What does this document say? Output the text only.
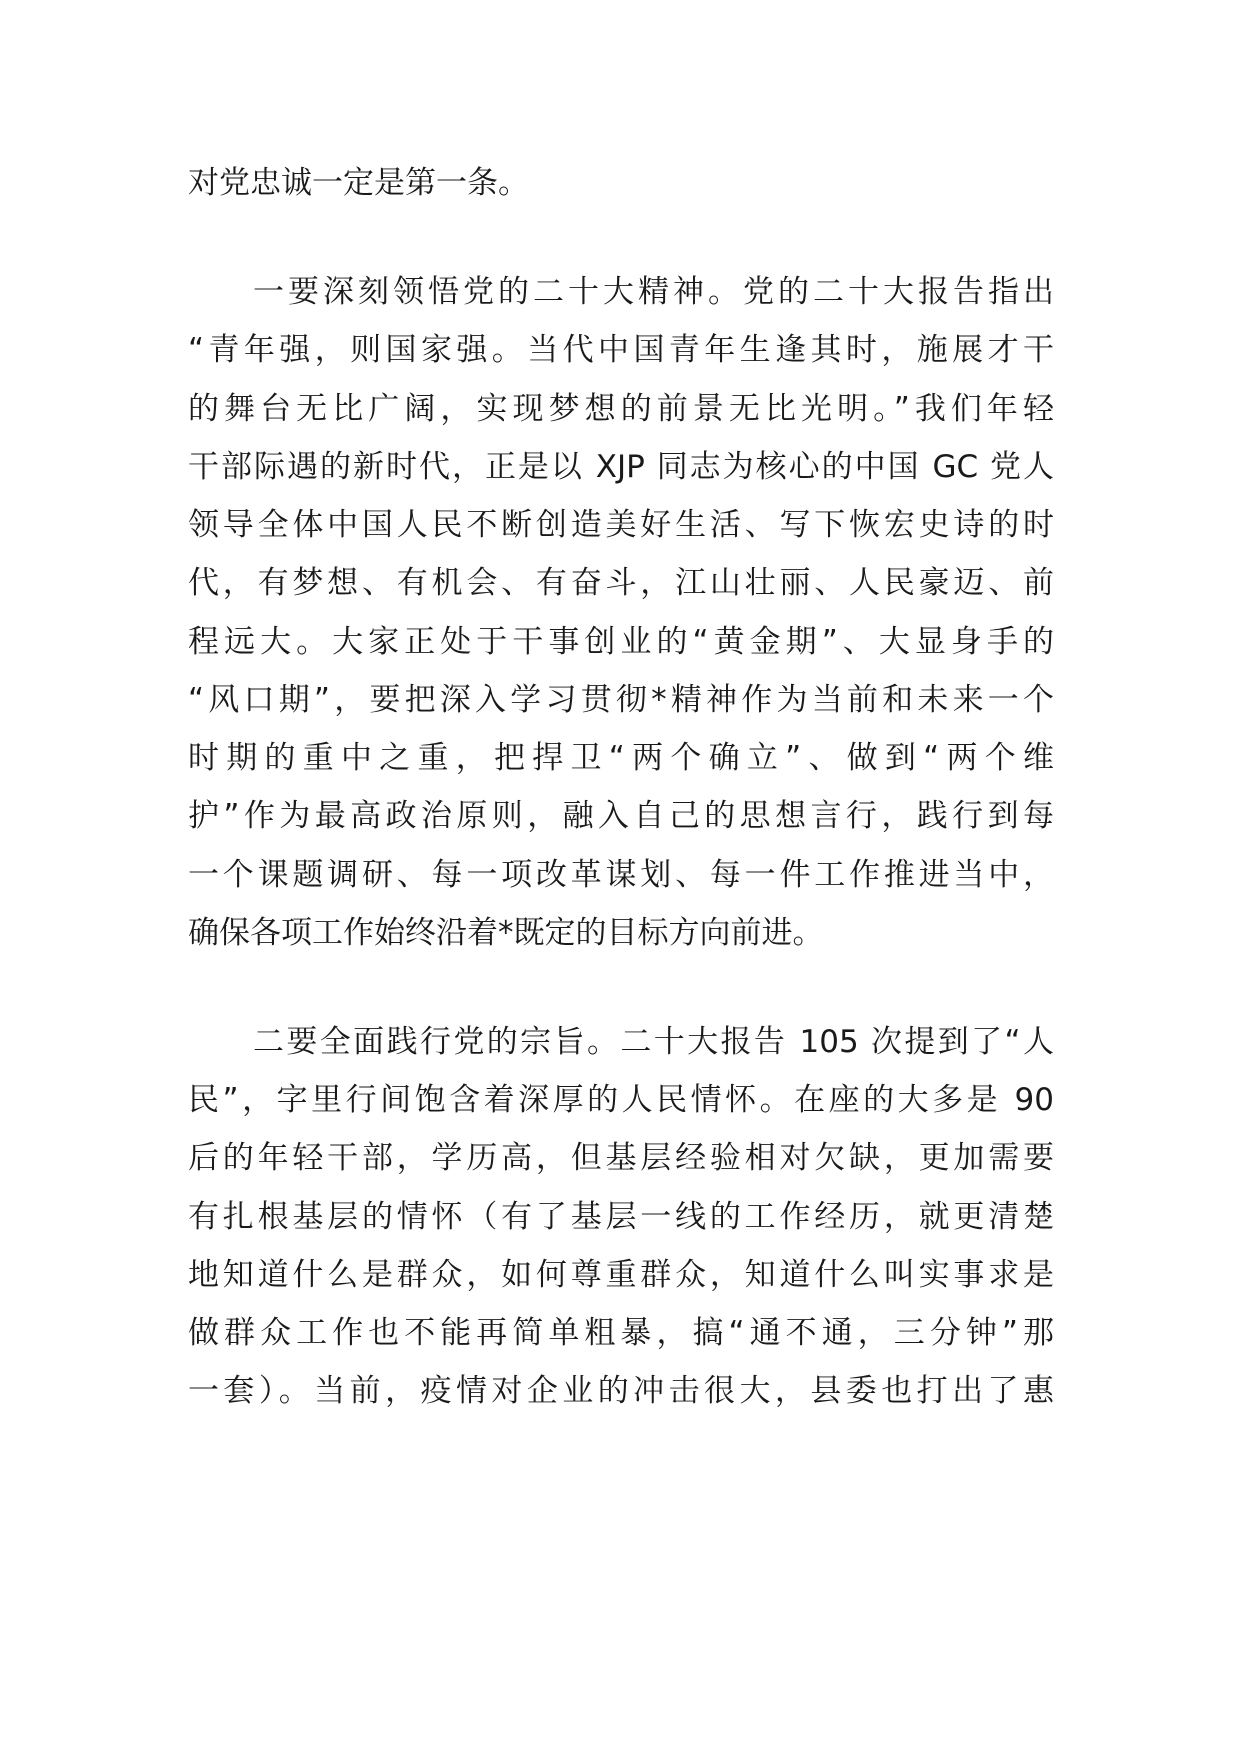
对党忠诚一定是第一条。
一要深刻领悟党的二十大精神。党的二十大报告指出
“青年强，则国家强。当代中国青年生逢其时，施展才干
的舞台无比广阔，实现梦想的前景无比光明。”我们年轻
干部际遇的新时代，正是以 XJP 同志为核心的中国 GC 党人
领导全体中国人民不断创造美好生活、写下恢宏史诗的时
代，有梦想、有机会、有奋斗，江山壮丽、人民豪迈、前
程远大。大家正处于干事创业的“黄金期”、大显身手的
“风口期”，要把深入学习贯彻*精神作为当前和未来一个
时期的重中之重，把捍卫“两个确立”、做到“两个维
护”作为最高政治原则，融入自己的思想言行，践行到每
一个课题调研、每一项改革谋划、每一件工作推进当中，
确保各项工作始终沿着*既定的目标方向前进。
二要全面践行党的宗旨。二十大报告 105 次提到了“人
民”，字里行间饱含着深厚的人民情怀。在座的大多是 90
后的年轻干部，学历高，但基层经验相对欠缺，更加需要
有扎根基层的情怀（有了基层一线的工作经历，就更清楚
地知道什么是群众，如何尊重群众，知道什么叫实事求是
做群众工作也不能再简单粗暴，搞“通不通，三分钟”那
一套）。当前，疫情对企业的冲击很大，县委也打出了惠
